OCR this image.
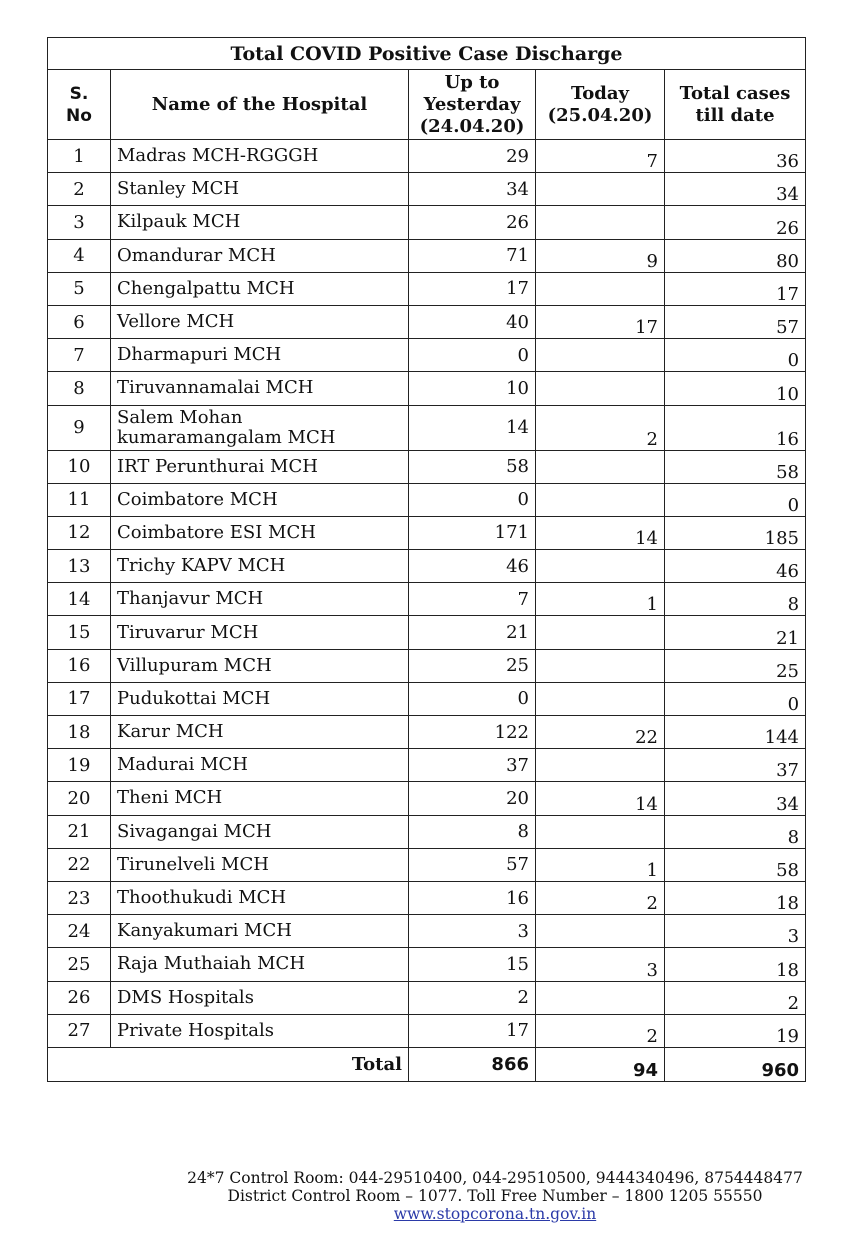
Total COVID Positive Case Discharge				
S. No	Name of the Hospital	Up to Yesterday (24.04.20)	Today (25.04.20)	Total cases till date
1	Madras MCH-RGGGH	29	7	36
2	Stanley MCH	34		34
3	Kilpauk MCH	26		26
4	Omandurar MCH	71	9	80
5	Chengalpattu MCH	17		17
6	Vellore MCH	40	17	57
7	Dharmapuri MCH	0		0
8	Tiruvannamalai MCH	10		10
9	Salem Mohan kumaramangalam MCH	14	2	16
10	IRT Perunthurai MCH	58		58
11	Coimbatore MCH	0		0
12	Coimbatore ESI MCH	171	14	185
13	Trichy KAPV MCH	46		46
14	Thanjavur MCH	7	1	8
15	Tiruvarur MCH	21		21
16	Villupuram MCH	25		25
17	Pudukottai MCH	0		0
18	Karur MCH	122	22	144
19	Madurai MCH	37		37
20	Theni MCH	20	14	34
21	Sivagangai MCH	8		8
22	Tirunelveli MCH	57	1	58
23	Thoothukudi MCH	16	2	18
24	Kanyakumari MCH	3		3
25	Raja Muthaiah MCH	15	3	18
26	DMS Hospitals	2		2
27	Private Hospitals	17	2	19
Total		866	94	960
24*7 Control Room: 044-29510400, 044-29510500, 9444340496, 8754448477
District Control Room – 1077. Toll Free Number – 1800 1205 55550
www.stopcorona.tn.gov.in
